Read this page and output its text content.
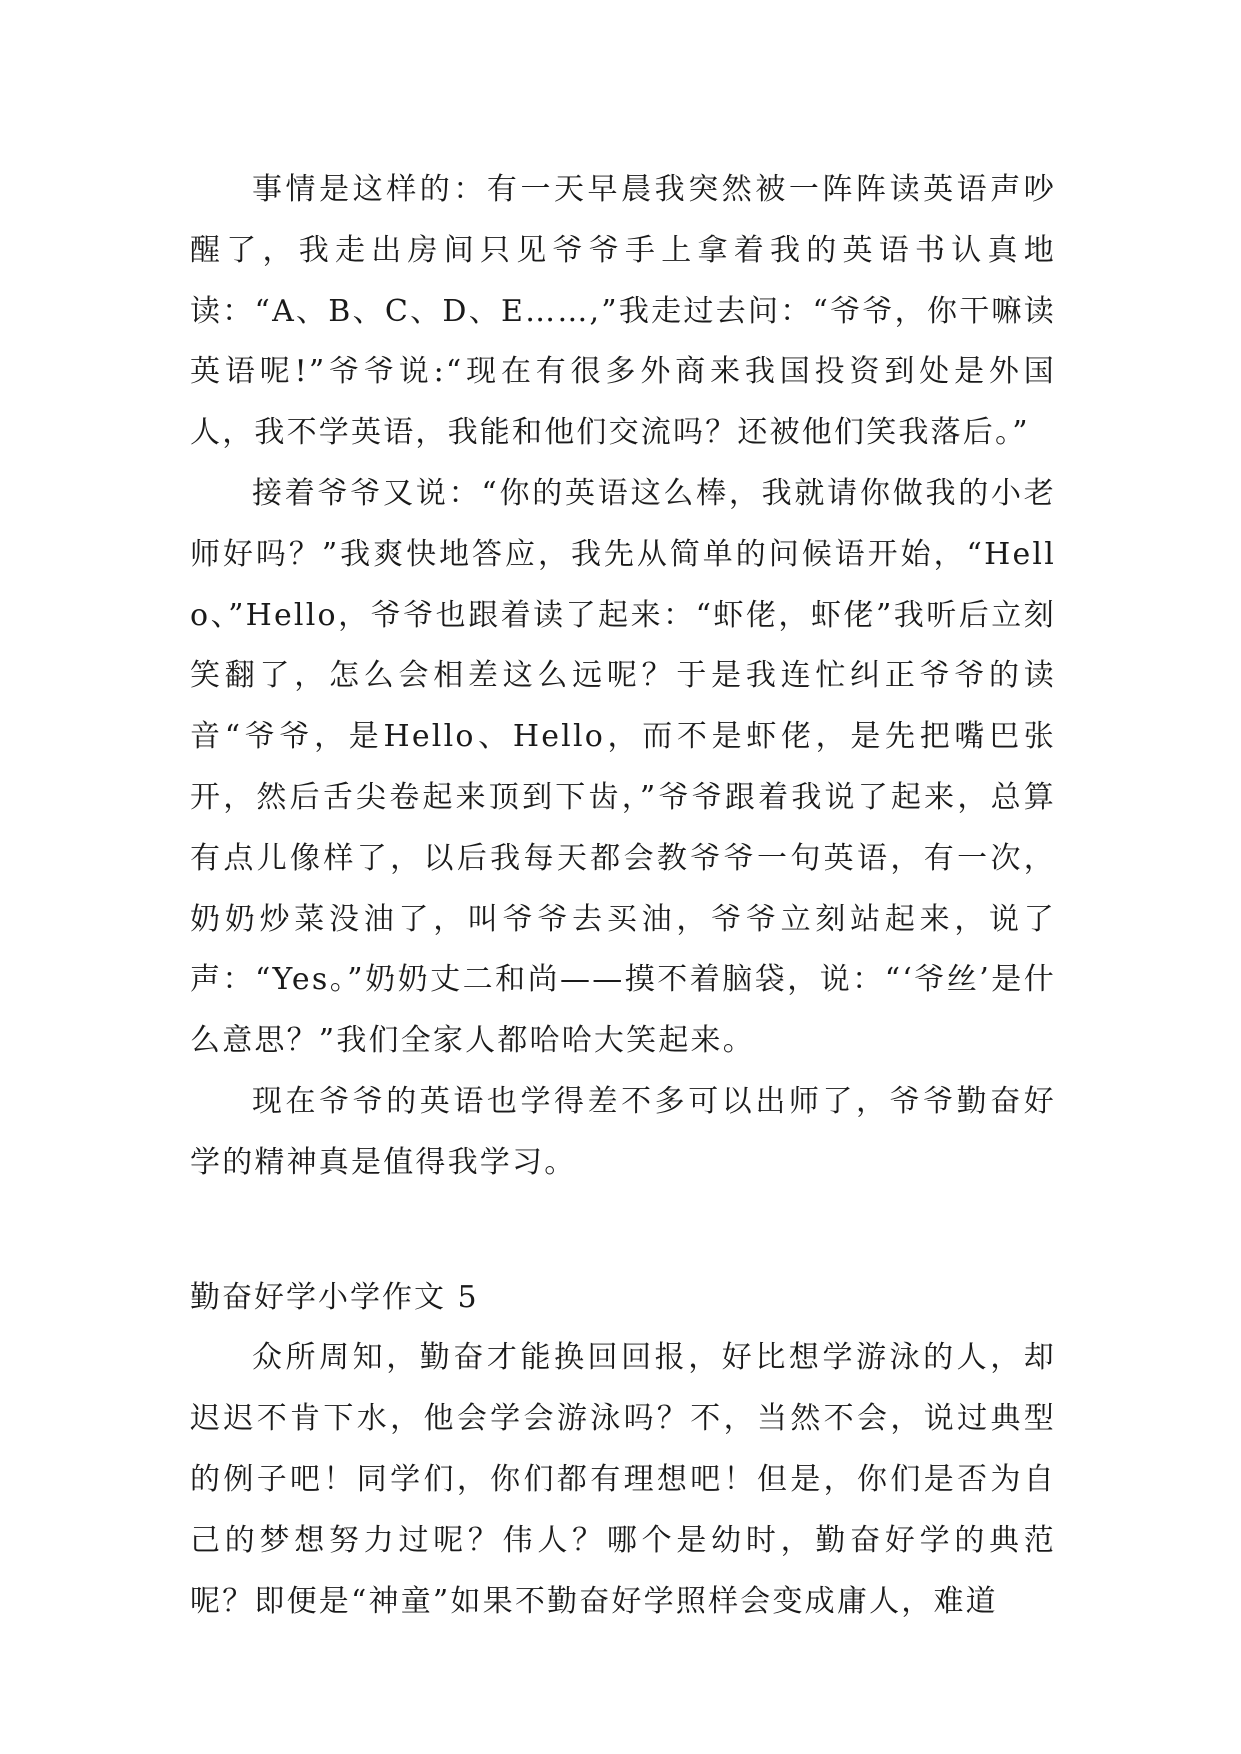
事情是这样的：有一天早晨我突然被一阵阵读英语声吵醒了，我走出房间只见爷爷手上拿着我的英语书认真地读：“A、B、C、D、E……,”我走过去问：“爷爷，你干嘛读英语呢!”爷爷说:“现在有很多外商来我国投资到处是外国人，我不学英语，我能和他们交流吗？还被他们笑我落后。”

接着爷爷又说：“你的英语这么棒，我就请你做我的小老师好吗？”我爽快地答应，我先从简单的问候语开始，“Hello、”Hello，爷爷也跟着读了起来：“虾佬，虾佬”我听后立刻笑翻了，怎么会相差这么远呢？于是我连忙纠正爷爷的读音“爷爷，是Hello、Hello，而不是虾佬，是先把嘴巴张开，然后舌尖卷起来顶到下齿，”爷爷跟着我说了起来，总算有点儿像样了，以后我每天都会教爷爷一句英语，有一次，奶奶炒菜没油了，叫爷爷去买油，爷爷立刻站起来，说了声：“Yes。”奶奶丈二和尚——摸不着脑袋，说：“‘爷丝’是什么意思？”我们全家人都哈哈大笑起来。

现在爷爷的英语也学得差不多可以出师了，爷爷勤奋好学的精神真是值得我学习。

勤奋好学小学作文 5

众所周知，勤奋才能换回回报，好比想学游泳的人，却迟迟不肯下水，他会学会游泳吗？不，当然不会，说过典型的例子吧！同学们，你们都有理想吧！但是，你们是否为自己的梦想努力过呢？伟人？哪个是幼时，勤奋好学的典范呢？即便是“神童”如果不勤奋好学照样会变成庸人，难道
